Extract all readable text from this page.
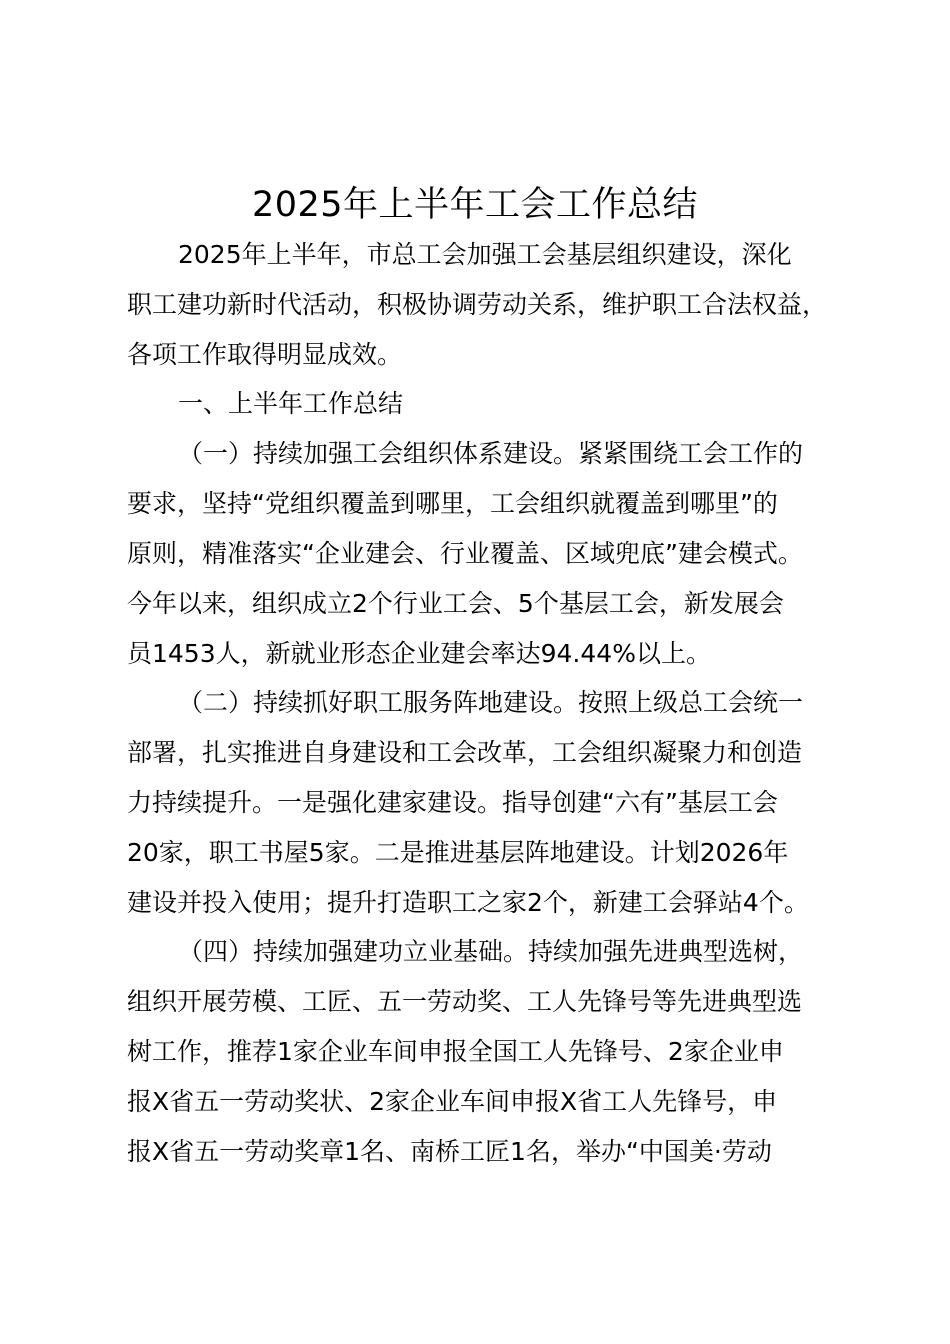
2025年上半年工会工作总结
2025年上半年，市总工会加强工会基层组织建设，深化
职工建功新时代活动，积极协调劳动关系，维护职工合法权益，
各项工作取得明显成效。
一、上半年工作总结
（一）持续加强工会组织体系建设。紧紧围绕工会工作的
要求，坚持“党组织覆盖到哪里，工会组织就覆盖到哪里”的
原则，精准落实“企业建会、行业覆盖、区域兜底”建会模式。
今年以来，组织成立2个行业工会、5个基层工会，新发展会
员1453人，新就业形态企业建会率达94.44%以上。
（二）持续抓好职工服务阵地建设。按照上级总工会统一
部署，扎实推进自身建设和工会改革，工会组织凝聚力和创造
力持续提升。一是强化建家建设。指导创建“六有”基层工会
20家，职工书屋5家。二是推进基层阵地建设。计划2026年
建设并投入使用；提升打造职工之家2个，新建工会驿站4个。
（四）持续加强建功立业基础。持续加强先进典型选树，
组织开展劳模、工匠、五一劳动奖、工人先锋号等先进典型选
树工作，推荐1家企业车间申报全国工人先锋号、2家企业申
报X省五一劳动奖状、2家企业车间申报X省工人先锋号，申
报X省五一劳动奖章1名、南桥工匠1名，举办“中国美·劳动
